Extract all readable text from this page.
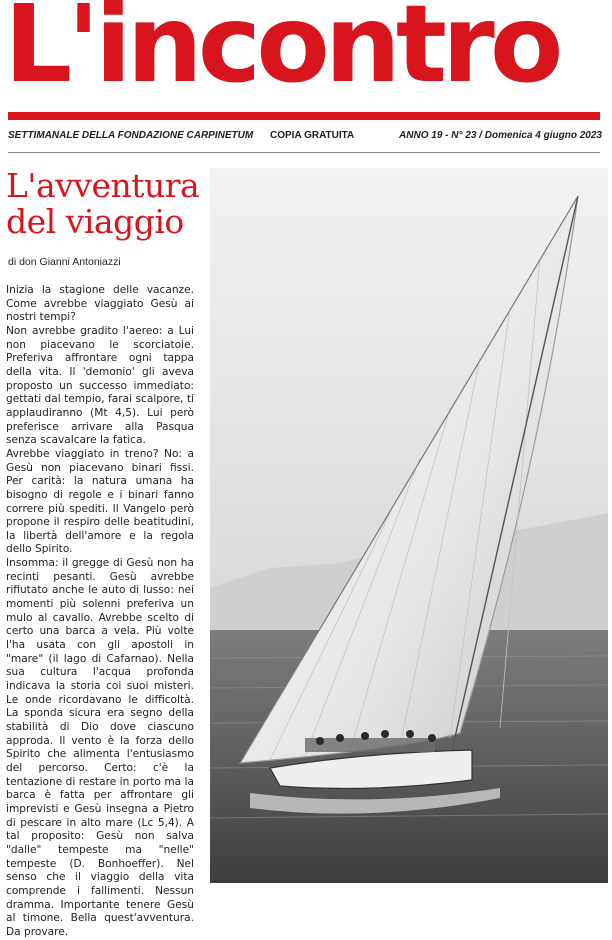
L'incontro
SETTIMANALE DELLA FONDAZIONE CARPINETUM COPIA GRATUITA	ANNO 19 - N° 23 / Domenica 4 giugno 2023
L'avventura del viaggio
di don Gianni Antoniazzi

Inizia la stagione delle vacanze. Come avrebbe viaggiato Gesù ai nostri tempi?

Non avrebbe gradito l'aereo: a Lui non piacevano le scorciatoie. Preferiva affrontare ogni tappa della vita. Il 'demonio' gli aveva proposto un successo immediato: gettati dal tempio, farai scalpore, ti applaudiranno (Mt 4,5). Lui però preferisce arrivare alla Pasqua senza scavalcare la fatica.

Avrebbe viaggiato in treno? No: a Gesù non piacevano binari fissi. Per carità: la natura umana ha bisogno di regole e i binari fanno correre più spediti. Il Vangelo però propone il respiro delle beatitudini, la libertà dell'amore e la regola dello Spirito.

Insomma: il gregge di Gesù non ha recinti pesanti. Gesù avrebbe rifiutato anche le auto di lusso: nei momenti più solenni preferiva un mulo al cavallo. Avrebbe scelto di certo una barca a vela. Più volte l'ha usata con gli apostoli in "mare" (il lago di Cafarnao). Nella sua cultura l'acqua profonda indicava la storia coi suoi misteri. Le onde ricordavano le difficoltà. La sponda sicura era segno della stabilità di Dio dove ciascuno approda. Il vento è la forza dello Spirito che alimenta l'entusiasmo del percorso. Certo: c'è la tentazione di restare in porto ma la barca è fatta per affrontare gli imprevisti e Gesù insegna a Pietro di pescare in alto mare (Lc 5,4). A tal proposito: Gesù non salva "dalle" tempeste ma "nelle" tempeste (D. Bonhoeffer). Nel senso che il viaggio della vita comprende i fallimenti. Nessun dramma. Importante tenere Gesù al timone. Bella quest'avventura. Da provare.
